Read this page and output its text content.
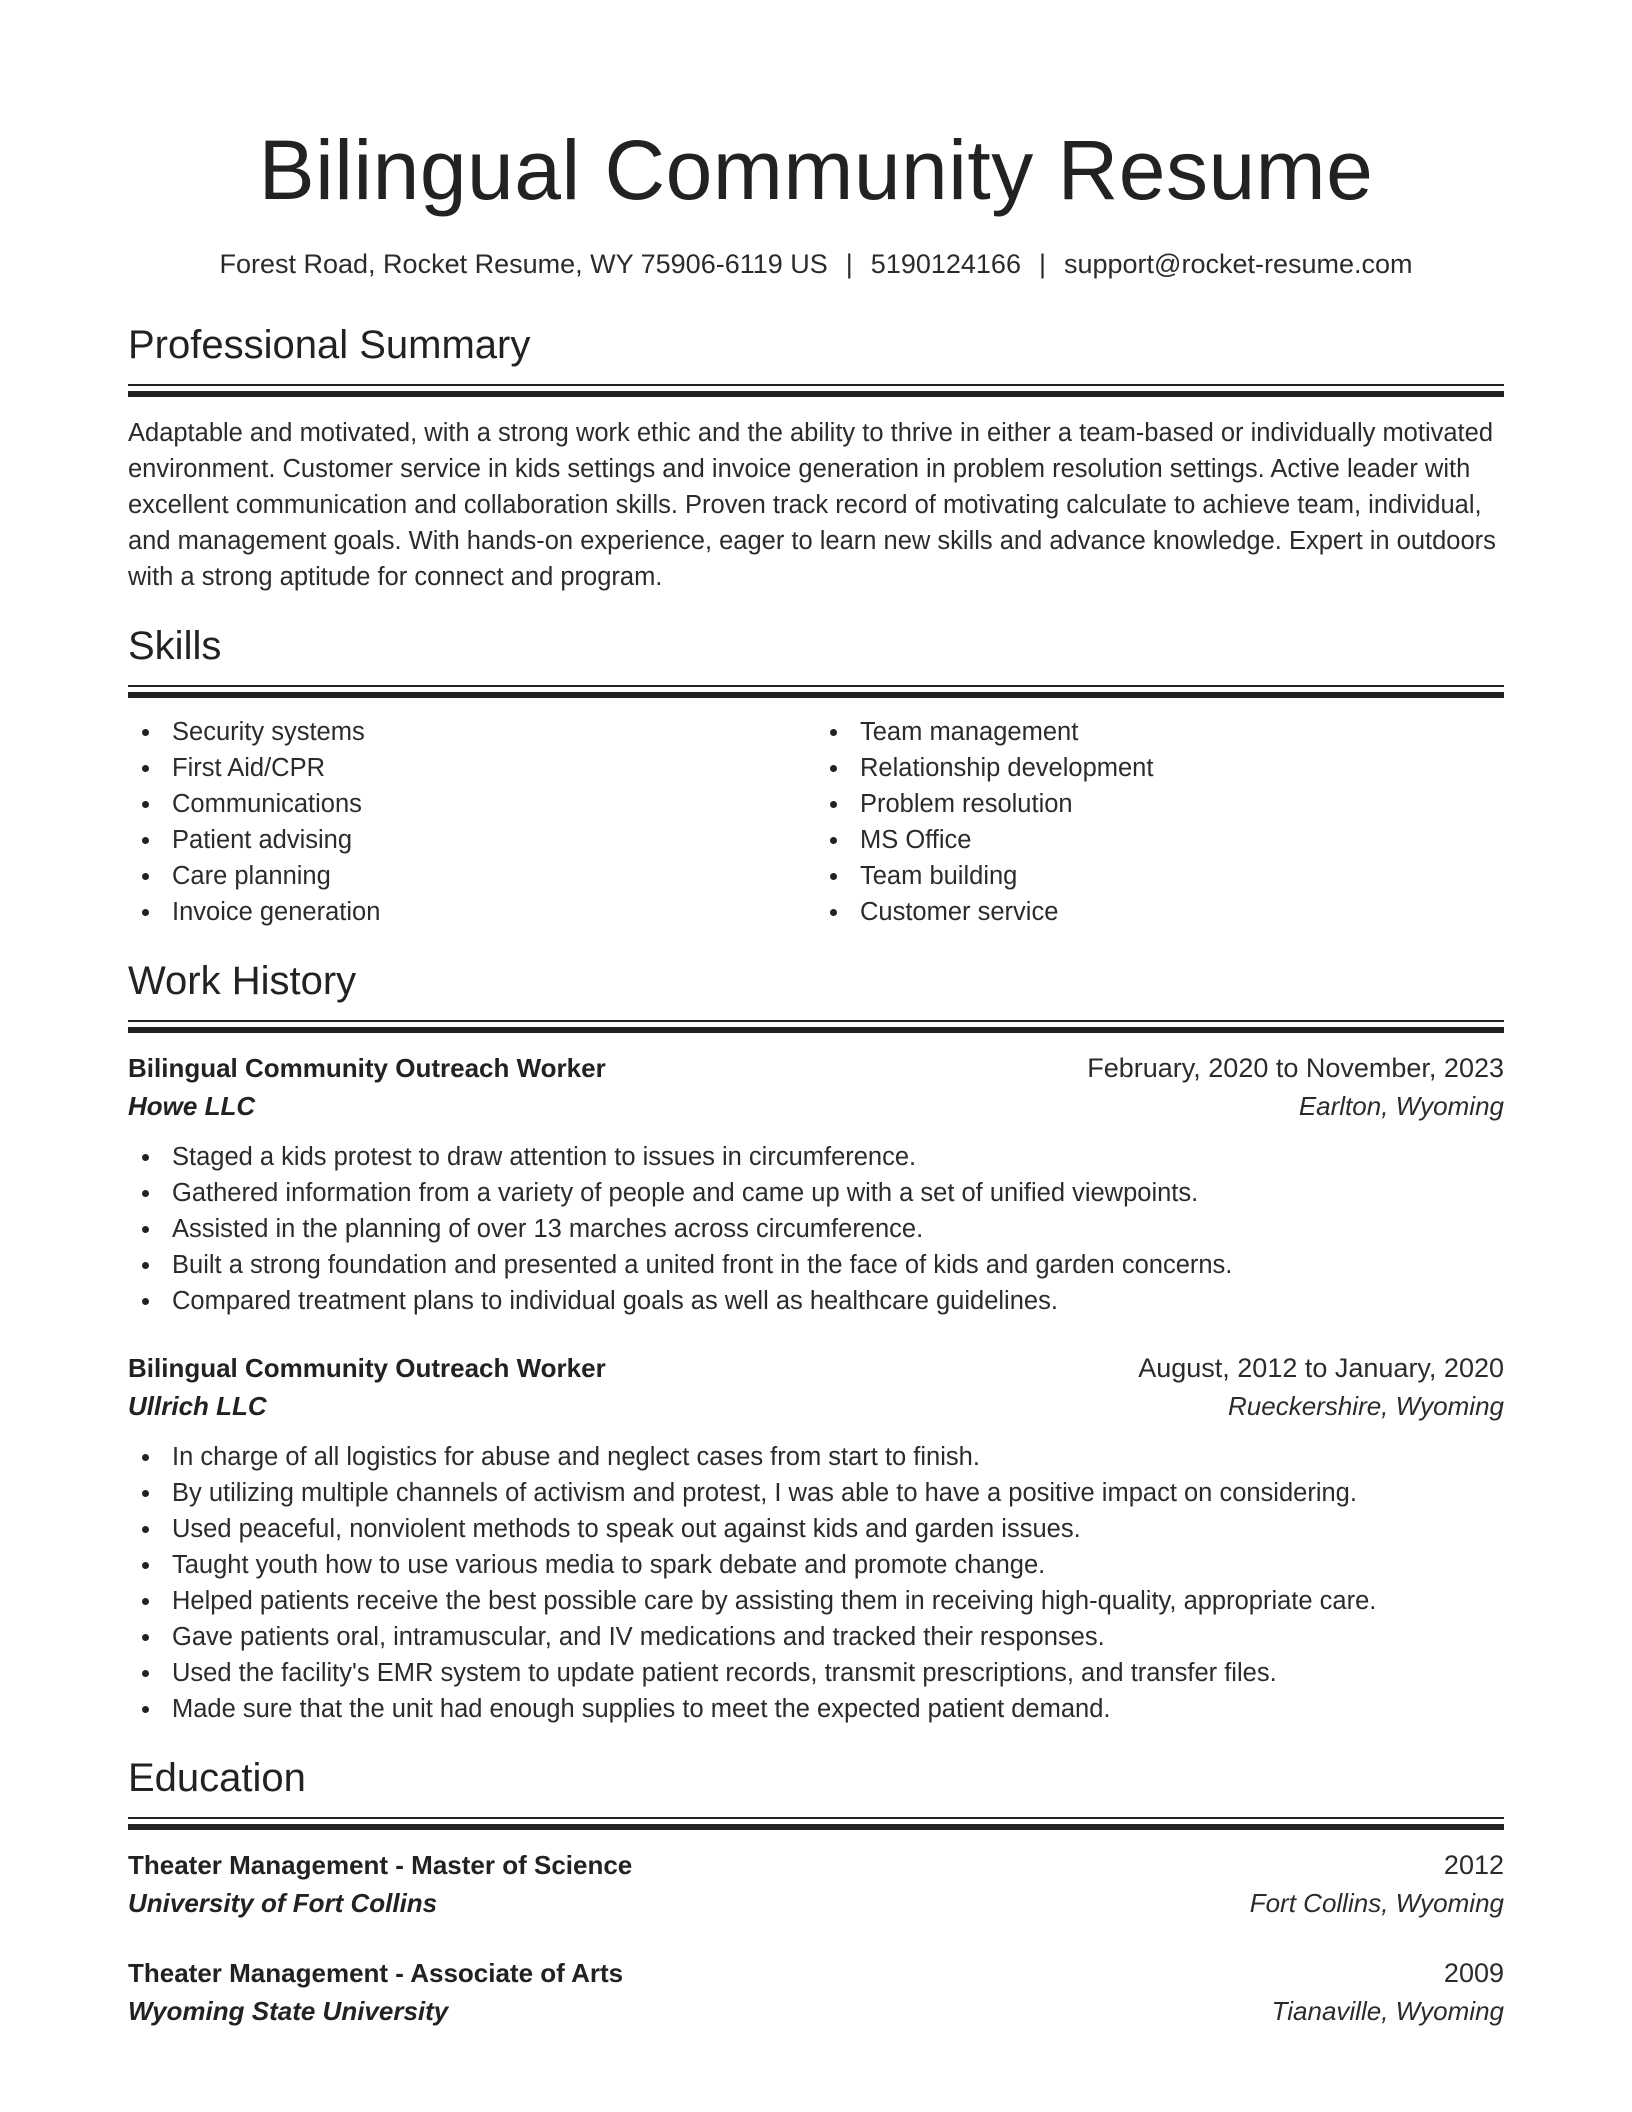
Bilingual Community Resume
Forest Road, Rocket Resume, WY 75906-6119 US | 5190124166 | support@rocket-resume.com
Professional Summary

Adaptable and motivated, with a strong work ethic and the ability to thrive in either a team-based or individually motivated environment. Customer service in kids settings and invoice generation in problem resolution settings. Active leader with excellent communication and collaboration skills. Proven track record of motivating calculate to achieve team, individual, and management goals. With hands-on experience, eager to learn new skills and advance knowledge. Expert in outdoors with a strong aptitude for connect and program.

Skills
Security systems
First Aid/CPR
Communications
Patient advising
Care planning
Invoice generation
Team management
Relationship development
Problem resolution
MS Office
Team building
Customer service
Work History
Bilingual Community Outreach Worker	February, 2020 to November, 2023
Howe LLC	Earlton, Wyoming
Staged a kids protest to draw attention to issues in circumference.
Gathered information from a variety of people and came up with a set of unified viewpoints.
Assisted in the planning of over 13 marches across circumference.
Built a strong foundation and presented a united front in the face of kids and garden concerns.
Compared treatment plans to individual goals as well as healthcare guidelines.
Bilingual Community Outreach Worker	August, 2012 to January, 2020
Ullrich LLC	Rueckershire, Wyoming
In charge of all logistics for abuse and neglect cases from start to finish.
By utilizing multiple channels of activism and protest, I was able to have a positive impact on considering.
Used peaceful, nonviolent methods to speak out against kids and garden issues.
Taught youth how to use various media to spark debate and promote change.
Helped patients receive the best possible care by assisting them in receiving high-quality, appropriate care.
Gave patients oral, intramuscular, and IV medications and tracked their responses.
Used the facility's EMR system to update patient records, transmit prescriptions, and transfer files.
Made sure that the unit had enough supplies to meet the expected patient demand.
Education
Theater Management - Master of Science	2012
University of Fort Collins	Fort Collins, Wyoming
Theater Management - Associate of Arts	2009
Wyoming State University	Tianaville, Wyoming
